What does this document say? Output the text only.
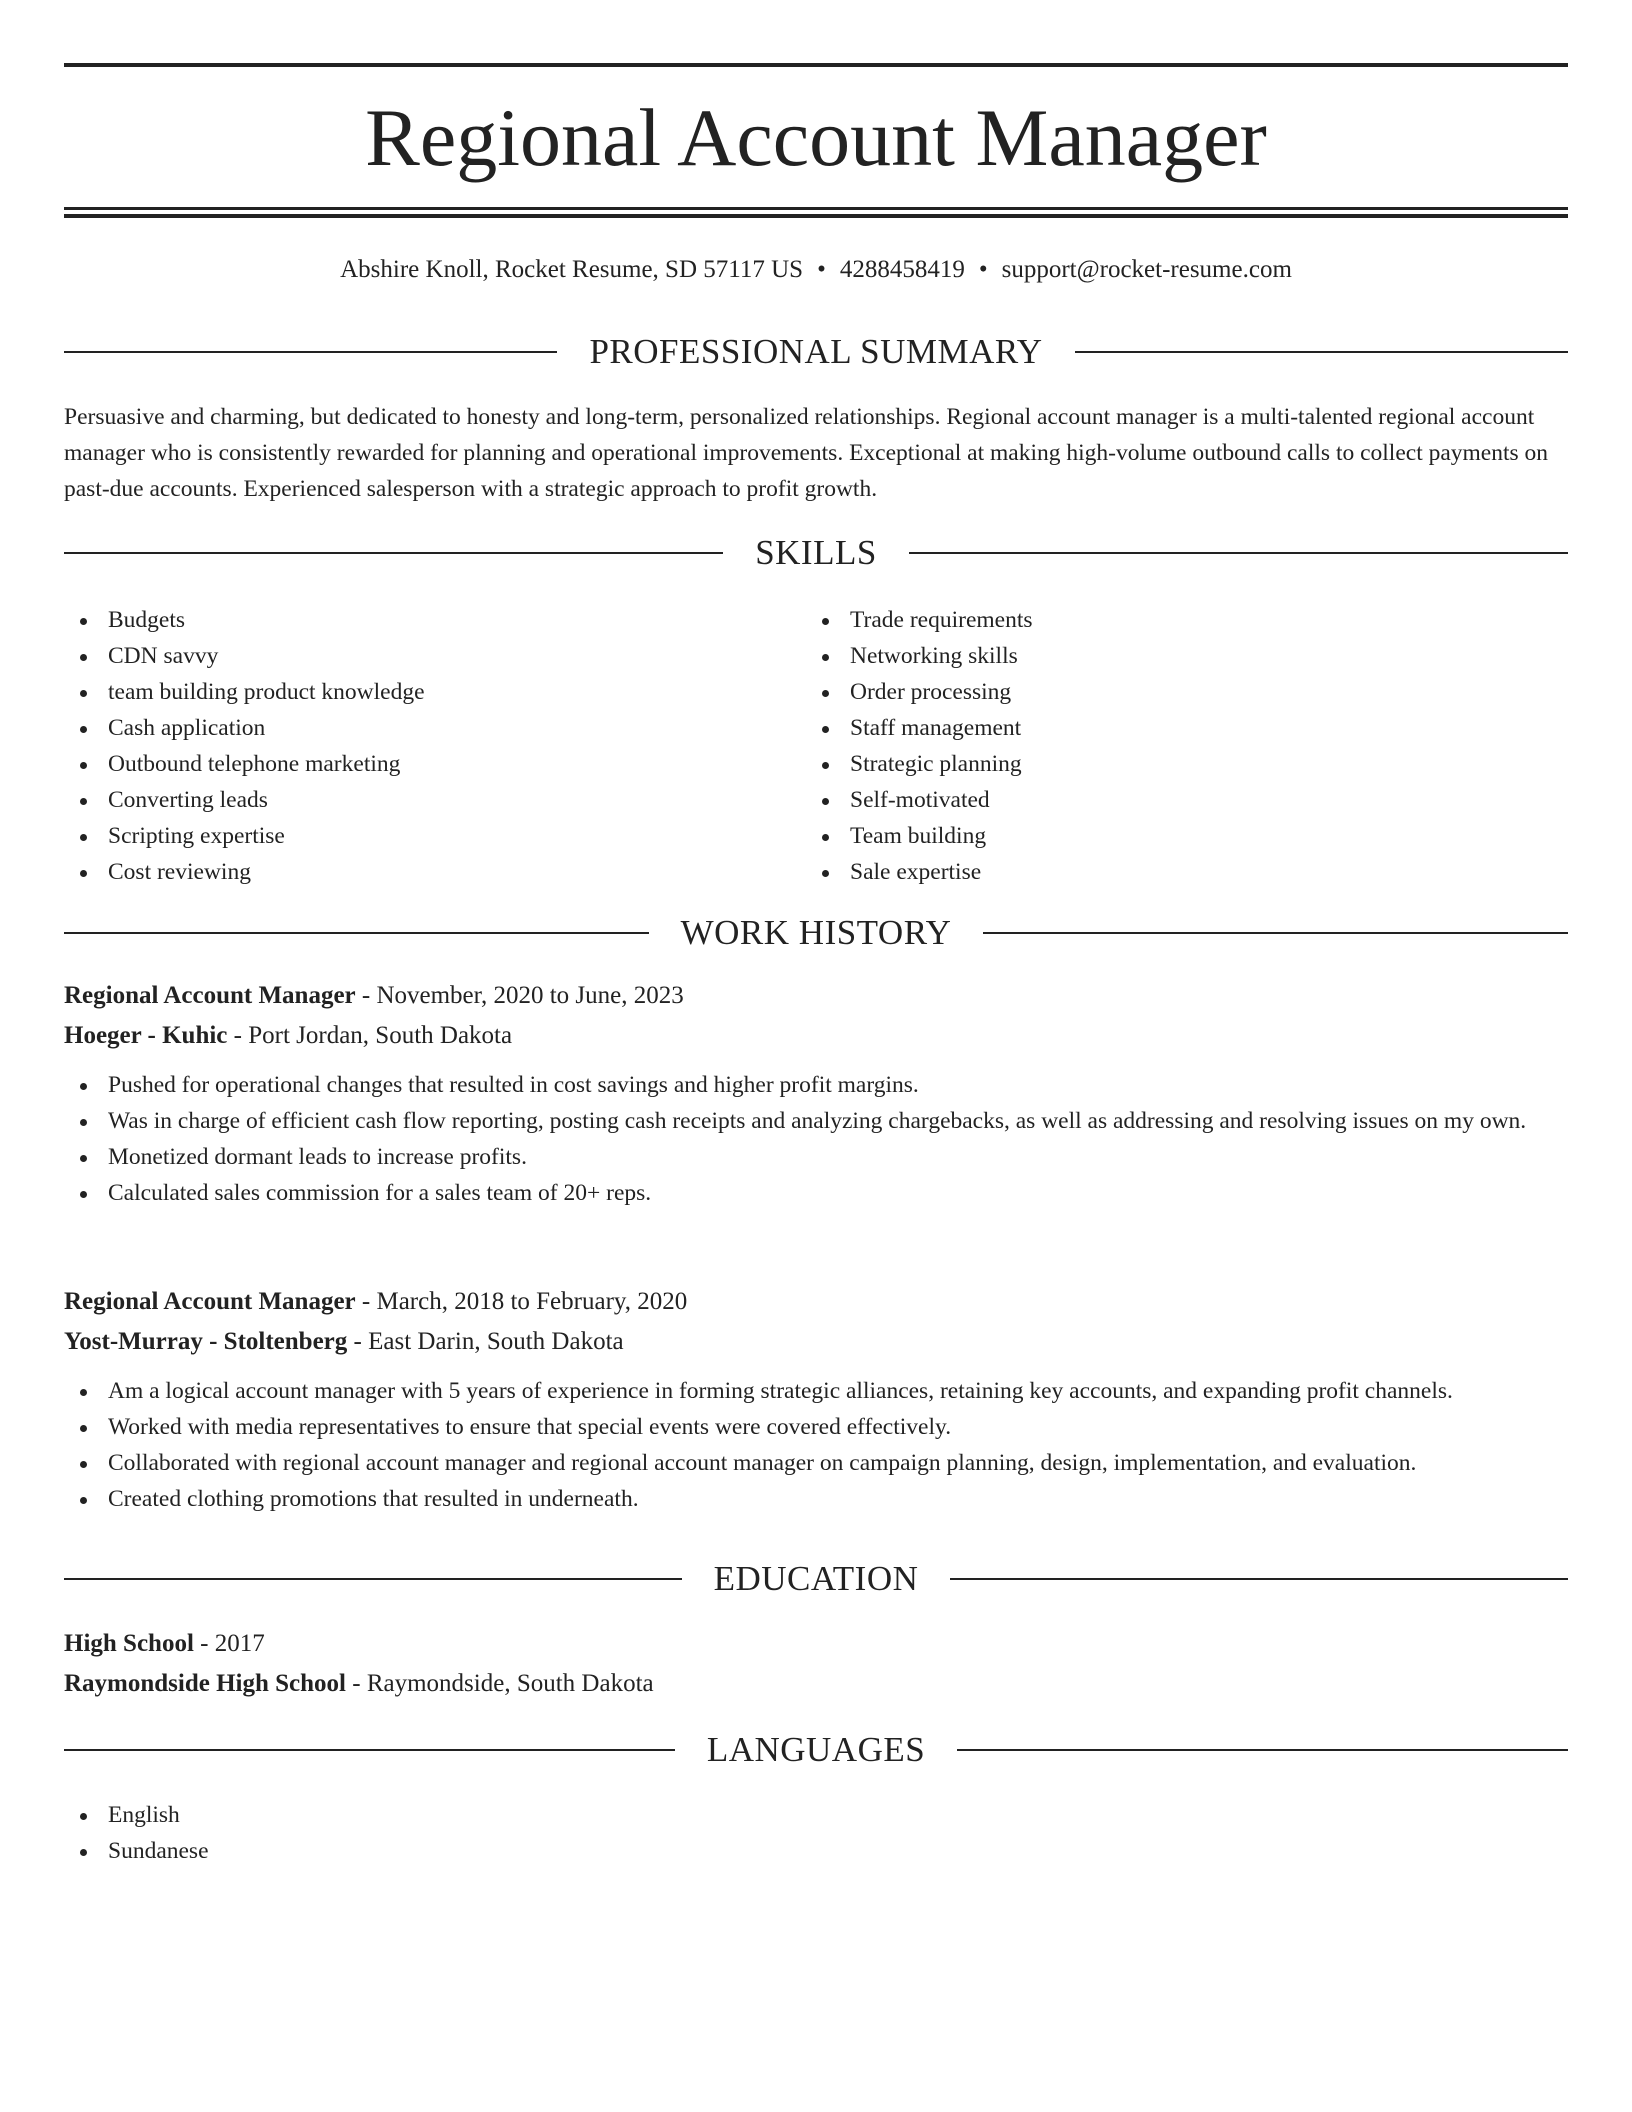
Regional Account Manager
Abshire Knoll, Rocket Resume, SD 57117 US • 4288458419 • support@rocket-resume.com
PROFESSIONAL SUMMARY
Persuasive and charming, but dedicated to honesty and long-term, personalized relationships. Regional account manager is a multi-talented regional account manager who is consistently rewarded for planning and operational improvements. Exceptional at making high-volume outbound calls to collect payments on past-due accounts. Experienced salesperson with a strategic approach to profit growth.
SKILLS
Budgets
CDN savvy
team building product knowledge
Cash application
Outbound telephone marketing
Converting leads
Scripting expertise
Cost reviewing
Trade requirements
Networking skills
Order processing
Staff management
Strategic planning
Self-motivated
Team building
Sale expertise
WORK HISTORY
Regional Account Manager - November, 2020 to June, 2023
Hoeger - Kuhic - Port Jordan, South Dakota
Pushed for operational changes that resulted in cost savings and higher profit margins.
Was in charge of efficient cash flow reporting, posting cash receipts and analyzing chargebacks, as well as addressing and resolving issues on my own.
Monetized dormant leads to increase profits.
Calculated sales commission for a sales team of 20+ reps.
Regional Account Manager - March, 2018 to February, 2020
Yost-Murray - Stoltenberg - East Darin, South Dakota
Am a logical account manager with 5 years of experience in forming strategic alliances, retaining key accounts, and expanding profit channels.
Worked with media representatives to ensure that special events were covered effectively.
Collaborated with regional account manager and regional account manager on campaign planning, design, implementation, and evaluation.
Created clothing promotions that resulted in underneath.
EDUCATION
High School - 2017
Raymondside High School - Raymondside, South Dakota
LANGUAGES
English
Sundanese
